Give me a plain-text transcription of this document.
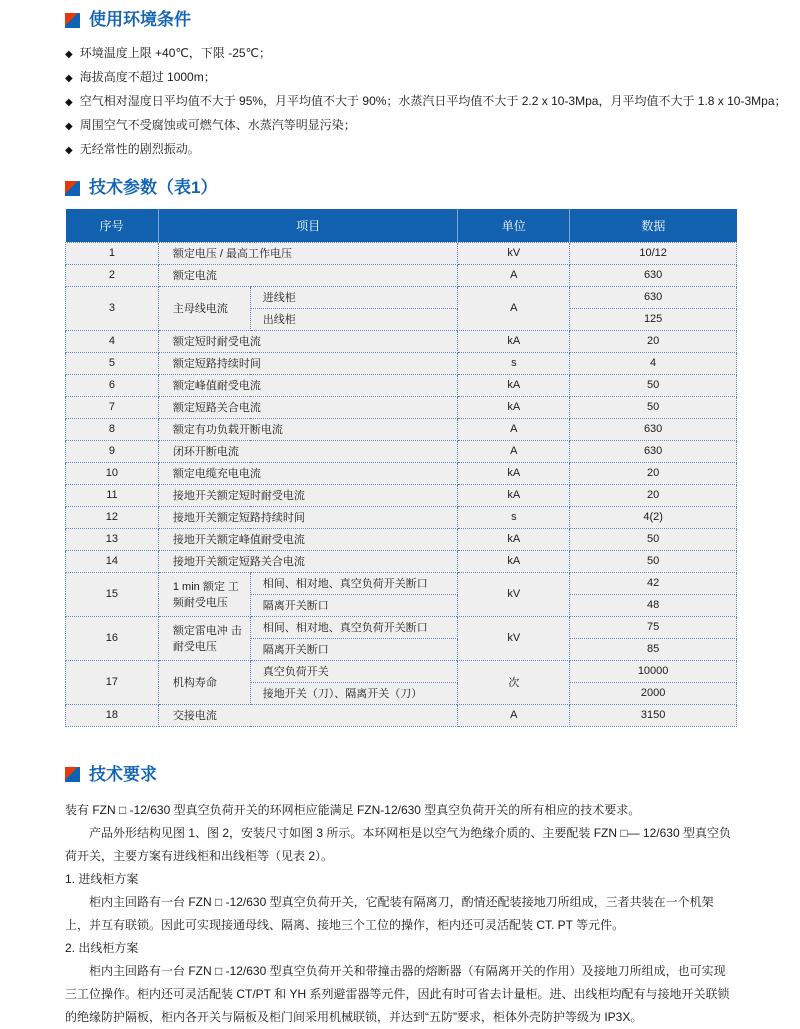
使用环境条件
◆ 环境温度上限 +40℃，下限 -25℃；
◆ 海拔高度不超过 1000m；
◆ 空气相对湿度日平均值不大于 95%，月平均值不大于 90%；水蒸汽日平均值不大于 2.2 x 10-3Mpa，月平均值不大于 1.8 x 10-3Mpa；
◆ 周围空气不受腐蚀或可燃气体、水蒸汽等明显污染；
◆ 无经常性的剧烈振动。
技术参数（表1）
序号	项目		单位	数据
1	额定电压 / 最高工作电压		kV	10/12
2	额定电流		A	630
3	主母线电流	进线柜	A	630
		出线柜		125
4	额定短时耐受电流		kA	20
5	额定短路持续时间		s	4
6	额定峰值耐受电流		kA	50
7	额定短路关合电流		kA	50
8	额定有功负载开断电流		A	630
9	闭环开断电流		A	630
10	额定电缆充电电流		kA	20
11	接地开关额定短时耐受电流		kA	20
12	接地开关额定短路持续时间		s	4(2)
13	接地开关额定峰值耐受电流		kA	50
14	接地开关额定短路关合电流		kA	50
15	1 min 额定 工频耐受电压	相间、相对地、真空负荷开关断口	kV	42
		隔离开关断口		48
16	额定雷电冲 击耐受电压	相间、相对地、真空负荷开关断口	kV	75
		隔离开关断口		85
17	机构寿命	真空负荷开关	次	10000
		接地开关（刀）、隔离开关（刀）		2000
18	交接电流		A	3150
技术要求

装有 FZN □ -12/630 型真空负荷开关的环网柜应能满足 FZN-12/630 型真空负荷开关的所有相应的技术要求。

产品外形结构见图 1、图 2，安装尺寸如图 3 所示。本环网柜是以空气为绝缘介质的、主要配装 FZN □— 12/630 型真空负荷开关，主要方案有进线柜和出线柜等（见表 2）。

1. 进线柜方案

柜内主回路有一台 FZN □ -12/630 型真空负荷开关，它配装有隔离刀，酌情还配装接地刀所组成，三者共装在一个机架上，并互有联锁。因此可实现接通母线、隔离、接地三个工位的操作，柜内还可灵活配装 CT. PT 等元件。

2. 出线柜方案

柜内主回路有一台 FZN □ -12/630 型真空负荷开关和带撞击器的熔断器（有隔离开关的作用）及接地刀所组成，也可实现三工位操作。柜内还可灵活配装 CT/PT 和 YH 系列避雷器等元件，因此有时可省去计量柜。进、出线柜均配有与接地开关联锁的绝缘防护隔板，柜内各开关与隔板及柜门间采用机械联锁，并达到“五防”要求，柜体外壳防护等级为 IP3X。
